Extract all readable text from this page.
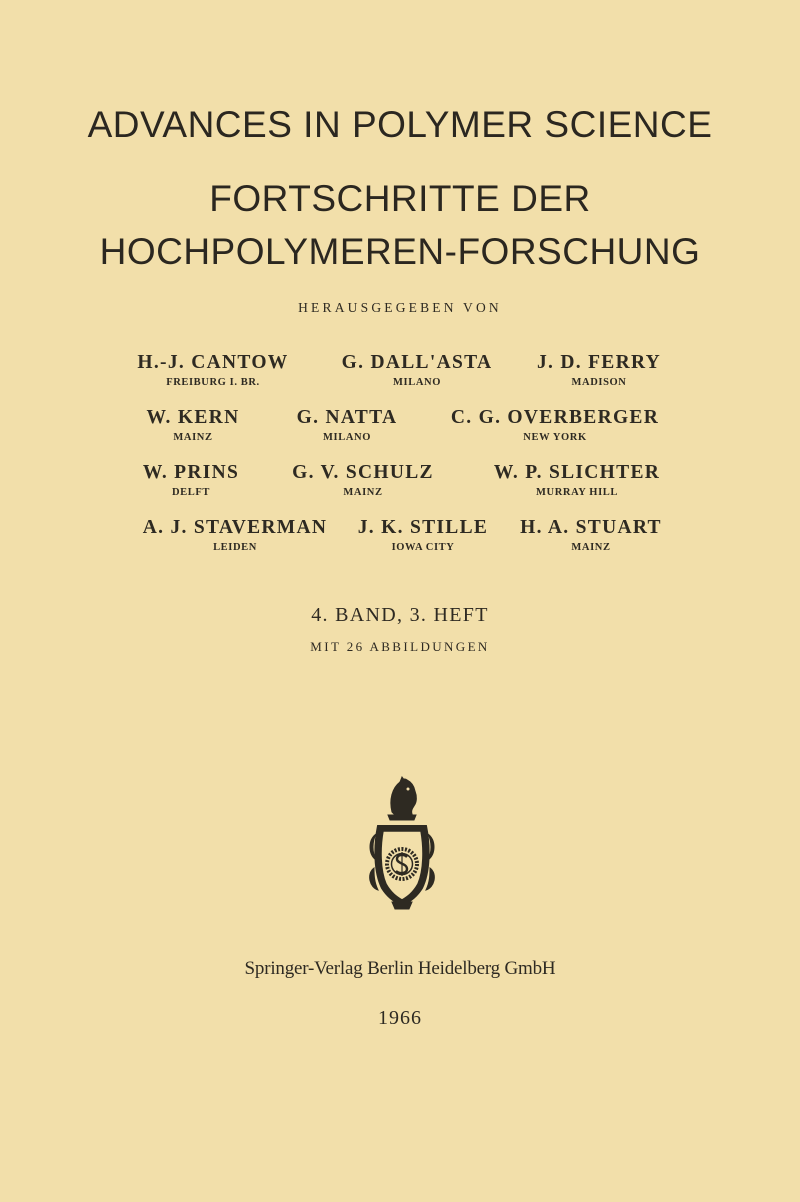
ADVANCES IN POLYMER SCIENCE
FORTSCHRITTE DER
HOCHPOLYMEREN-FORSCHUNG
HERAUSGEGEBEN VON
H.-J. CANTOW
FREIBURG I. BR.
G. DALL'ASTA
MILANO
J. D. FERRY
MADISON
W. KERN
MAINZ
G. NATTA
MILANO
C. G. OVERBERGER
NEW YORK
W. PRINS
DELFT
G. V. SCHULZ
MAINZ
W. P. SLICHTER
MURRAY HILL
A. J. STAVERMAN
LEIDEN
J. K. STILLE
IOWA CITY
H. A. STUART
MAINZ
4. BAND, 3. HEFT
MIT 26 ABBILDUNGEN
Springer-Verlag Berlin Heidelberg GmbH
1966
